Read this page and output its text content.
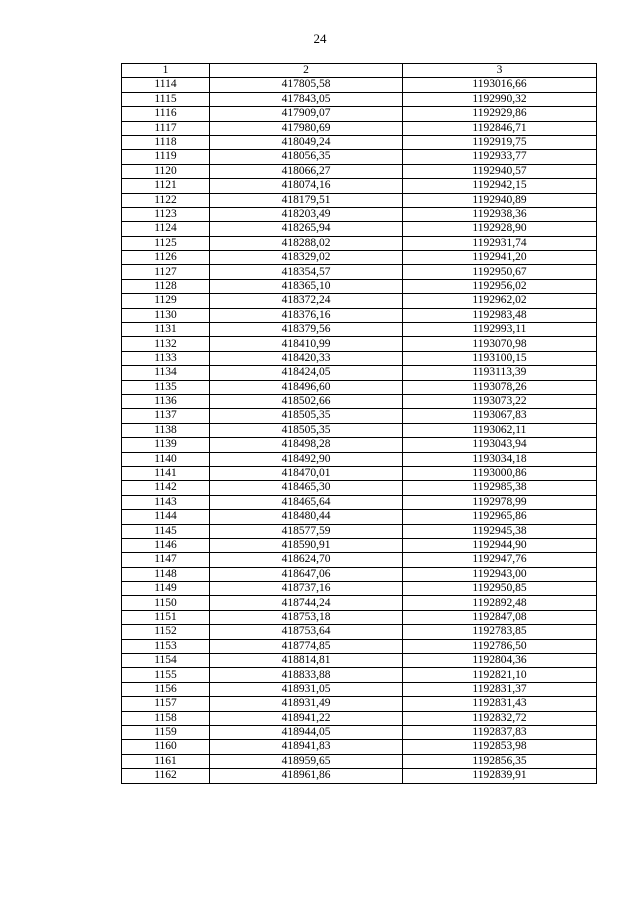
24
1	2	3
1114	417805,58	1193016,66
1115	417843,05	1192990,32
1116	417909,07	1192929,86
1117	417980,69	1192846,71
1118	418049,24	1192919,75
1119	418056,35	1192933,77
1120	418066,27	1192940,57
1121	418074,16	1192942,15
1122	418179,51	1192940,89
1123	418203,49	1192938,36
1124	418265,94	1192928,90
1125	418288,02	1192931,74
1126	418329,02	1192941,20
1127	418354,57	1192950,67
1128	418365,10	1192956,02
1129	418372,24	1192962,02
1130	418376,16	1192983,48
1131	418379,56	1192993,11
1132	418410,99	1193070,98
1133	418420,33	1193100,15
1134	418424,05	1193113,39
1135	418496,60	1193078,26
1136	418502,66	1193073,22
1137	418505,35	1193067,83
1138	418505,35	1193062,11
1139	418498,28	1193043,94
1140	418492,90	1193034,18
1141	418470,01	1193000,86
1142	418465,30	1192985,38
1143	418465,64	1192978,99
1144	418480,44	1192965,86
1145	418577,59	1192945,38
1146	418590,91	1192944,90
1147	418624,70	1192947,76
1148	418647,06	1192943,00
1149	418737,16	1192950,85
1150	418744,24	1192892,48
1151	418753,18	1192847,08
1152	418753,64	1192783,85
1153	418774,85	1192786,50
1154	418814,81	1192804,36
1155	418833,88	1192821,10
1156	418931,05	1192831,37
1157	418931,49	1192831,43
1158	418941,22	1192832,72
1159	418944,05	1192837,83
1160	418941,83	1192853,98
1161	418959,65	1192856,35
1162	418961,86	1192839,91
